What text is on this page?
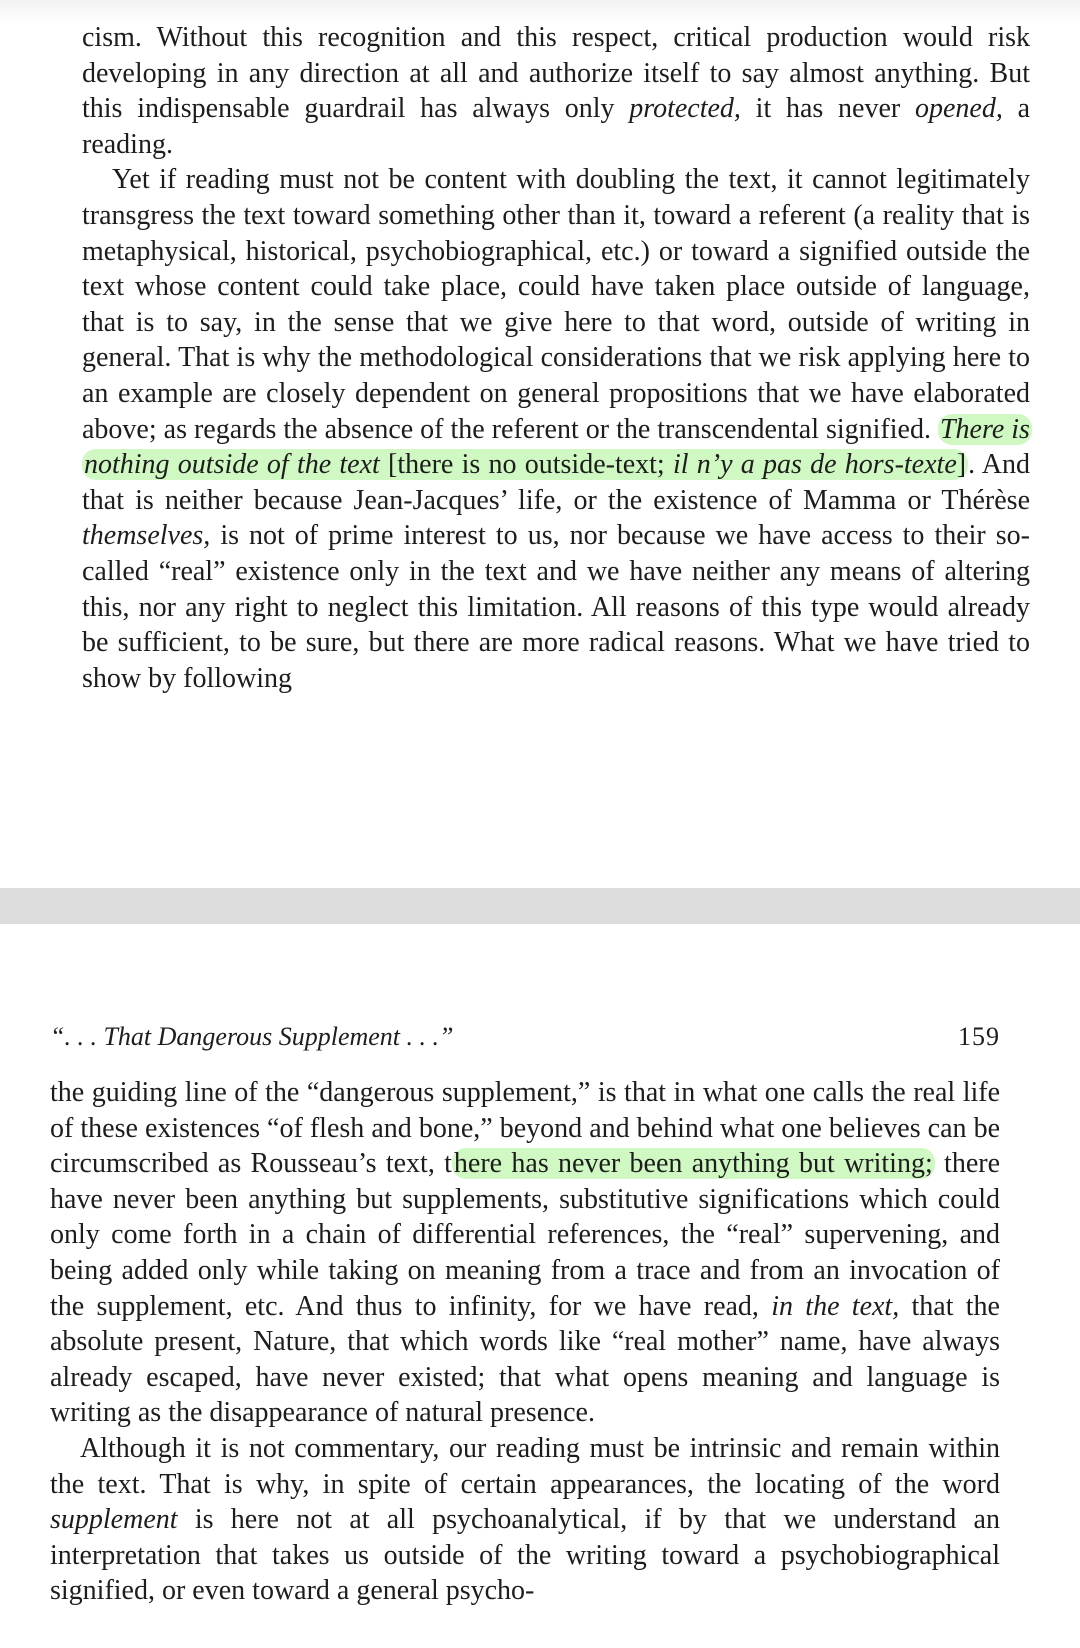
cism. Without this recognition and this respect, critical production would risk developing in any direction at all and authorize itself to say almost anything. But this indispensable guardrail has always only protected, it has never opened, a reading.

Yet if reading must not be content with doubling the text, it cannot legitimately transgress the text toward something other than it, toward a referent (a reality that is metaphysical, historical, psychobiographical, etc.) or toward a signified outside the text whose content could take place, could have taken place outside of language, that is to say, in the sense that we give here to that word, outside of writing in general. That is why the methodological considerations that we risk applying here to an example are closely dependent on general propositions that we have elaborated above; as regards the absence of the referent or the transcendental signified. There is nothing outside of the text [there is no outside-text; il n’y a pas de hors-texte]. And that is neither because Jean-Jacques’ life, or the existence of Mamma or Thérèse themselves, is not of prime interest to us, nor because we have access to their so-called “real” existence only in the text and we have neither any means of altering this, nor any right to neglect this limitation. All reasons of this type would already be sufficient, to be sure, but there are more radical reasons. What we have tried to show by following

“. . . That Dangerous Supplement . . .”	159

the guiding line of the “dangerous supplement,” is that in what one calls the real life of these existences “of flesh and bone,” beyond and behind what one believes can be circumscribed as Rousseau’s text, there has never been anything but writing; there have never been anything but supplements, substitutive significations which could only come forth in a chain of differential references, the “real” supervening, and being added only while taking on meaning from a trace and from an invocation of the supplement, etc. And thus to infinity, for we have read, in the text, that the absolute present, Nature, that which words like “real mother” name, have always already escaped, have never existed; that what opens meaning and language is writing as the disappearance of natural presence.

Although it is not commentary, our reading must be intrinsic and remain within the text. That is why, in spite of certain appearances, the locating of the word supplement is here not at all psychoanalytical, if by that we understand an interpretation that takes us outside of the writing toward a psychobiographical signified, or even toward a general psycho-
